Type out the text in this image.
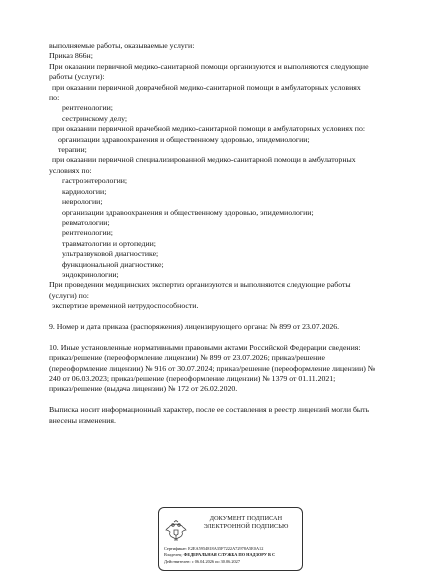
выполняемые работы, оказываемые услуги:
Приказ 866н;
При оказании первичной медико-санитарной помощи организуются и выполняются следующие
работы (услуги):
при оказании первичной доврачебной медико-санитарной помощи в амбулаторных условиях
по:
рентгенологии;
сестринскому делу;
при оказании первичной врачебной медико-санитарной помощи в амбулаторных условиях по:
организации здравоохранения и общественному здоровью, эпидемиологии;
терапии;
при оказании первичной специализированной медико-санитарной помощи в амбулаторных
условиях по:
гастроэнтерологии;
кардиологии;
неврологии;
организации здравоохранения и общественному здоровью, эпидемиологии;
ревматологии;
рентгенологии;
травматологии и ортопедии;
ультразвуковой диагностике;
функциональной диагностике;
эндокринологии;
При проведении медицинских экспертиз организуются и выполняются следующие работы
(услуги) по:
экспертизе временной нетрудоспособности.
9. Номер и дата приказа (распоряжения) лицензирующего органа: № 899 от 23.07.2026.
10. Иные установленные нормативными правовыми актами Российской Федерации сведения:
приказ/решение (переоформление лицензии) № 899 от 23.07.2026; приказ/решение
(переоформление лицензии) № 916 от 30.07.2024; приказ/решение (переоформление лицензии) №
240 от 06.03.2023; приказ/решение (переоформление лицензии) № 1379 от 01.11.2021;
приказ/решение (выдача лицензии) № 172 от 26.02.2020.
Выписка носит информационный характер, после ее составления в реестр лицензий могли быть
внесены изменения.
ДОКУМЕНТ ПОДПИСАН
ЭЛЕКТРОННОЙ ПОДПИСЬЮ
Сертификат: E2EA5954818A35F7222A72978A5E0A12
Владелец: ФЕДЕРАЛЬНАЯ СЛУЖБА ПО НАДЗОРУ В С
Действителен: с 06.04.2026 по 30.06.2027
